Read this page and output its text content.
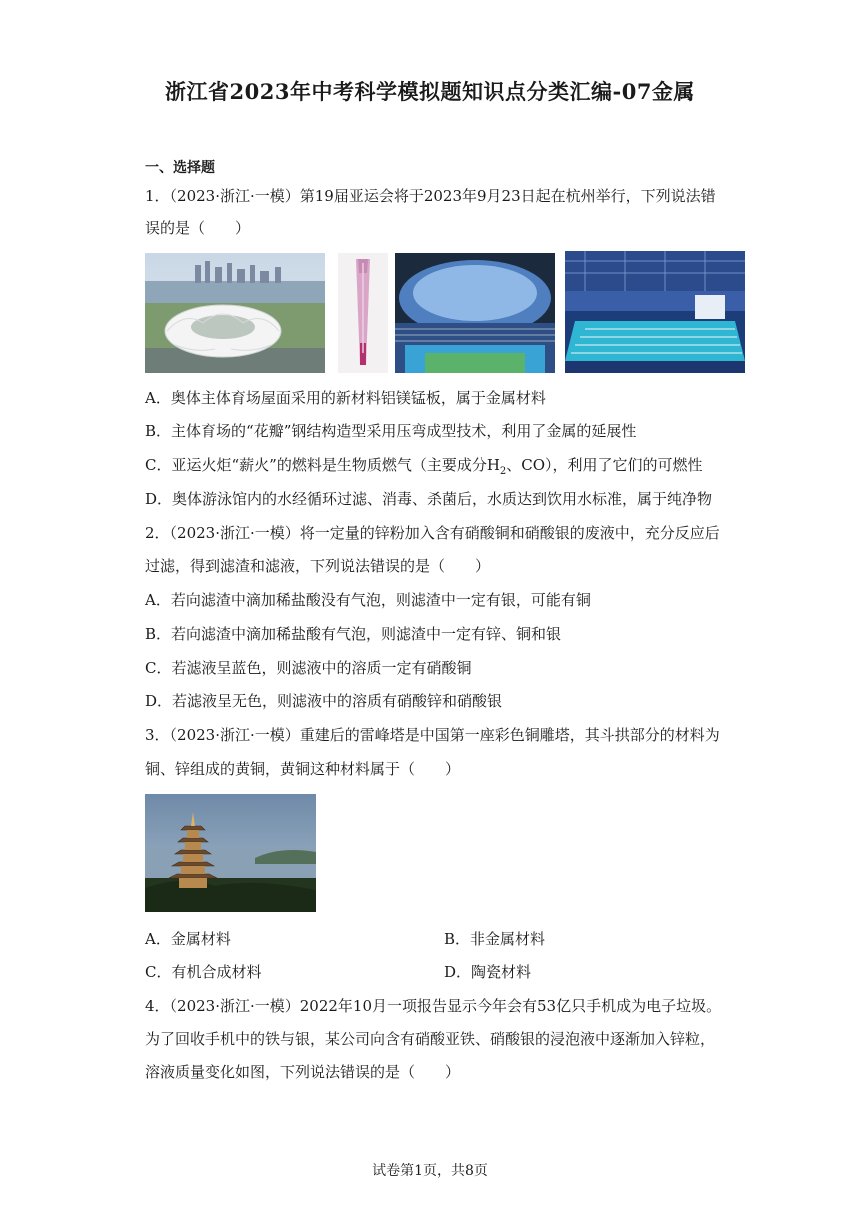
浙江省2023年中考科学模拟题知识点分类汇编-07金属
一、选择题
1．（2023·浙江·一模）第19届亚运会将于2023年9月23日起在杭州举行，下列说法错
误的是（　　）
A．奥体主体育场屋面采用的新材料铝镁锰板，属于金属材料
B．主体育场的“花瓣”钢结构造型采用压弯成型技术，利用了金属的延展性
C．亚运火炬“薪火”的燃料是生物质燃气（主要成分$H_2$、CO），利用了它们的可燃性
D．奥体游泳馆内的水经循环过滤、消毒、杀菌后，水质达到饮用水标准，属于纯净物
2．（2023·浙江·一模）将一定量的锌粉加入含有硝酸铜和硝酸银的废液中，充分反应后
过滤，得到滤渣和滤液，下列说法错误的是（　　）
A．若向滤渣中滴加稀盐酸没有气泡，则滤渣中一定有银，可能有铜
B．若向滤渣中滴加稀盐酸有气泡，则滤渣中一定有锌、铜和银
C．若滤液呈蓝色，则滤液中的溶质一定有硝酸铜
D．若滤液呈无色，则滤液中的溶质有硝酸锌和硝酸银
3．（2023·浙江·一模）重建后的雷峰塔是中国第一座彩色铜雕塔，其斗拱部分的材料为
铜、锌组成的黄铜，黄铜这种材料属于（　　）
A．金属材料	B．非金属材料
C．有机合成材料	D．陶瓷材料
4．（2023·浙江·一模）2022年10月一项报告显示今年会有53亿只手机成为电子垃圾。
为了回收手机中的铁与银，某公司向含有硝酸亚铁、硝酸银的浸泡液中逐渐加入锌粒，
溶液质量变化如图，下列说法错误的是（　　）
试卷第1页，共8页
